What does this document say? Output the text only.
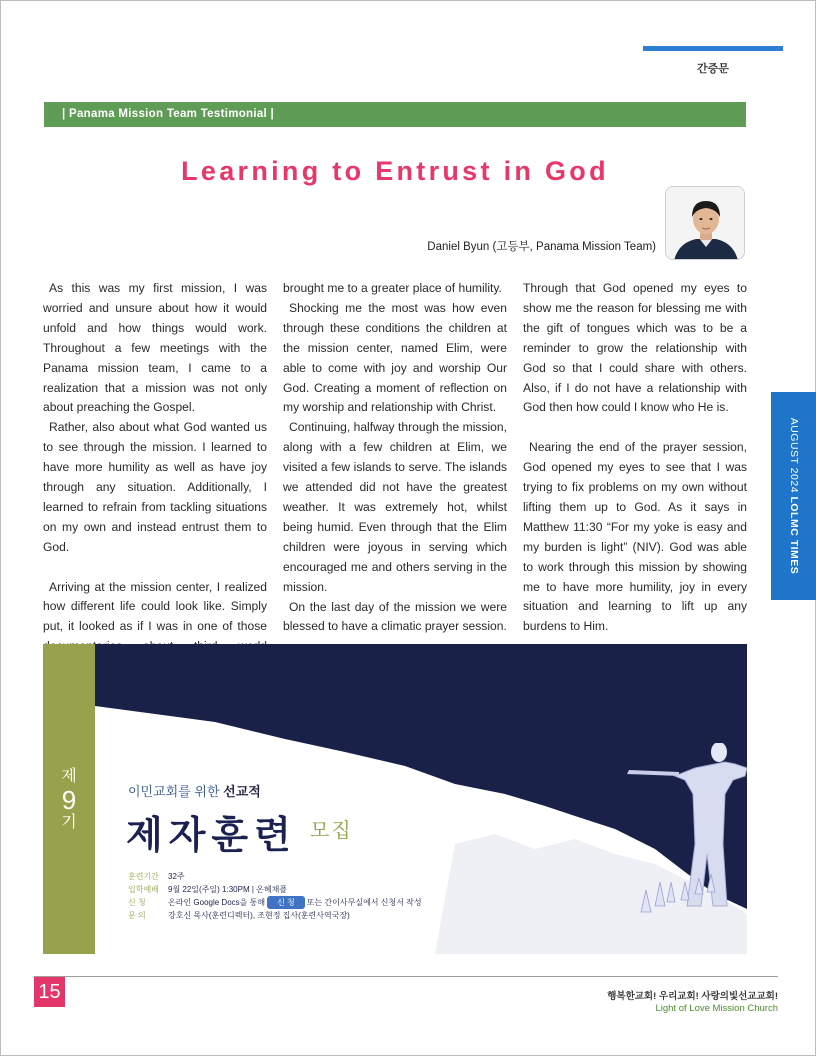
간증문
AUGUST 2024 LOLMC TIMES
| Panama Mission Team Testimonial |
Learning to Entrust in God
Daniel Byun (고등부, Panama Mission Team)

As this was my first mission, I was worried and unsure about how it would unfold and how things would work. Throughout a few meetings with the Panama mission team, I came to a realization that a mission was not only about preaching the Gospel.

Rather, also about what God wanted us to see through the mission. I learned to have more humility as well as have joy through any situation. Additionally, I learned to refrain from tackling situations on my own and instead entrust them to God.

Arriving at the mission center, I realized how different life could look like. Simply put, it looked as if I was in one of those

brought me to a greater place of humility.

Shocking me the most was how even through these conditions the children at the mission center, named Elim, were able to come with joy and worship Our God. Creating a moment of reflection on my worship and relationship with Christ.

Continuing, halfway through the mission, along with a few children at Elim, we visited a few islands to serve. The islands we attended did not have the greatest weather. It was extremely hot, whilst being humid. Even through that the Elim children were joyous in serving which encouraged me and others serving in the mission.

On the last day of the mission we were blessed to have a climatic prayer session.

Through that God opened my eyes to show me the reason for blessing me with the gift of tongues which was to be a reminder to grow the relationship with God so that I could share with others. Also, if I do not have a relationship with God then how could I know who He is.

Nearing the end of the prayer session, God opened my eyes to see that I was trying to fix problems on my own without lifting them up to God. As it says in Matthew 11:30 “For my yoke is easy and my burden is light” (NIV). God was able to work through this mission by showing me to have more humility, joy in every situation and learning to lift up any burdens to Him.

제
9
기
이민교회를 위한 선교적
제자훈련 모집
훈련기간 32주
입학예배 9월 22일(주일) 1:30PM | 온혜채플
신 청	온라인 Google Docs을 통해 신 청 또는 간이사무실에서 신청서 작성
문 의	강호신 목사(훈련디렉터), 조현정 집사(훈련사역국장)
15	행복한교회! 우리교회! 사랑의빛선교교회!
Light of Love Mission Church
